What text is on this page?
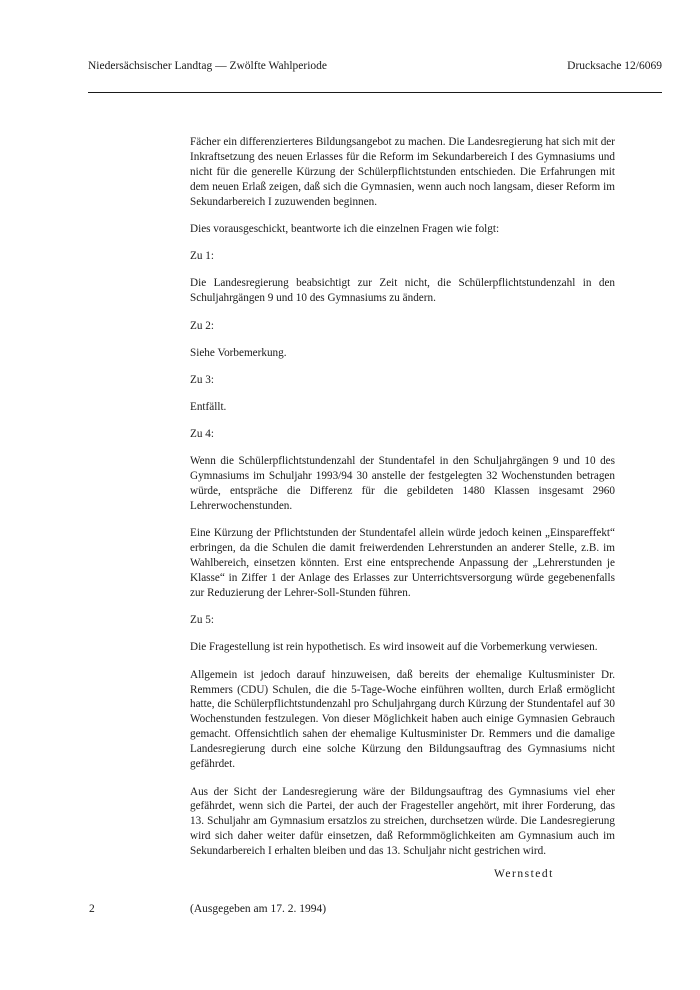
Niedersächsischer Landtag — Zwölfte Wahlperiode	Drucksache 12/6069

Fächer ein differenzierteres Bildungsangebot zu machen. Die Landesregierung hat sich mit der Inkraftsetzung des neuen Erlasses für die Reform im Sekundarbereich I des Gymnasiums und nicht für die generelle Kürzung der Schülerpflichtstunden entschieden. Die Erfahrungen mit dem neuen Erlaß zeigen, daß sich die Gymnasien, wenn auch noch langsam, dieser Reform im Sekundarbereich I zuzuwenden beginnen.

Dies vorausgeschickt, beantworte ich die einzelnen Fragen wie folgt:

Zu 1:

Die Landesregierung beabsichtigt zur Zeit nicht, die Schülerpflichtstundenzahl in den Schuljahrgängen 9 und 10 des Gymnasiums zu ändern.

Zu 2:

Siehe Vorbemerkung.

Zu 3:

Entfällt.

Zu 4:

Wenn die Schülerpflichtstundenzahl der Stundentafel in den Schuljahrgängen 9 und 10 des Gymnasiums im Schuljahr 1993/94 30 anstelle der festgelegten 32 Wochenstunden betragen würde, entspräche die Differenz für die gebildeten 1480 Klassen insgesamt 2960 Lehrerwochenstunden.

Eine Kürzung der Pflichtstunden der Stundentafel allein würde jedoch keinen „Einspareffekt“ erbringen, da die Schulen die damit freiwerdenden Lehrerstunden an anderer Stelle, z.B. im Wahlbereich, einsetzen könnten. Erst eine entsprechende Anpassung der „Lehrerstunden je Klasse“ in Ziffer 1 der Anlage des Erlasses zur Unterrichtsversorgung würde gegebenenfalls zur Reduzierung der Lehrer-Soll-Stunden führen.

Zu 5:

Die Fragestellung ist rein hypothetisch. Es wird insoweit auf die Vorbemerkung verwiesen.

Allgemein ist jedoch darauf hinzuweisen, daß bereits der ehemalige Kultusminister Dr. Remmers (CDU) Schulen, die die 5-Tage-Woche einführen wollten, durch Erlaß ermöglicht hatte, die Schülerpflichtstundenzahl pro Schuljahrgang durch Kürzung der Stundentafel auf 30 Wochenstunden festzulegen. Von dieser Möglichkeit haben auch einige Gymnasien Gebrauch gemacht. Offensichtlich sahen der ehemalige Kultusminister Dr. Remmers und die damalige Landesregierung durch eine solche Kürzung den Bildungsauftrag des Gymnasiums nicht gefährdet.

Aus der Sicht der Landesregierung wäre der Bildungsauftrag des Gymnasiums viel eher gefährdet, wenn sich die Partei, der auch der Fragesteller angehört, mit ihrer Forderung, das 13. Schuljahr am Gymnasium ersatzlos zu streichen, durchsetzen würde. Die Landesregierung wird sich daher weiter dafür einsetzen, daß Reformmöglichkeiten am Gymnasium auch im Sekundarbereich I erhalten bleiben und das 13. Schuljahr nicht gestrichen wird.

Wernstedt
2	(Ausgegeben am 17. 2. 1994)
